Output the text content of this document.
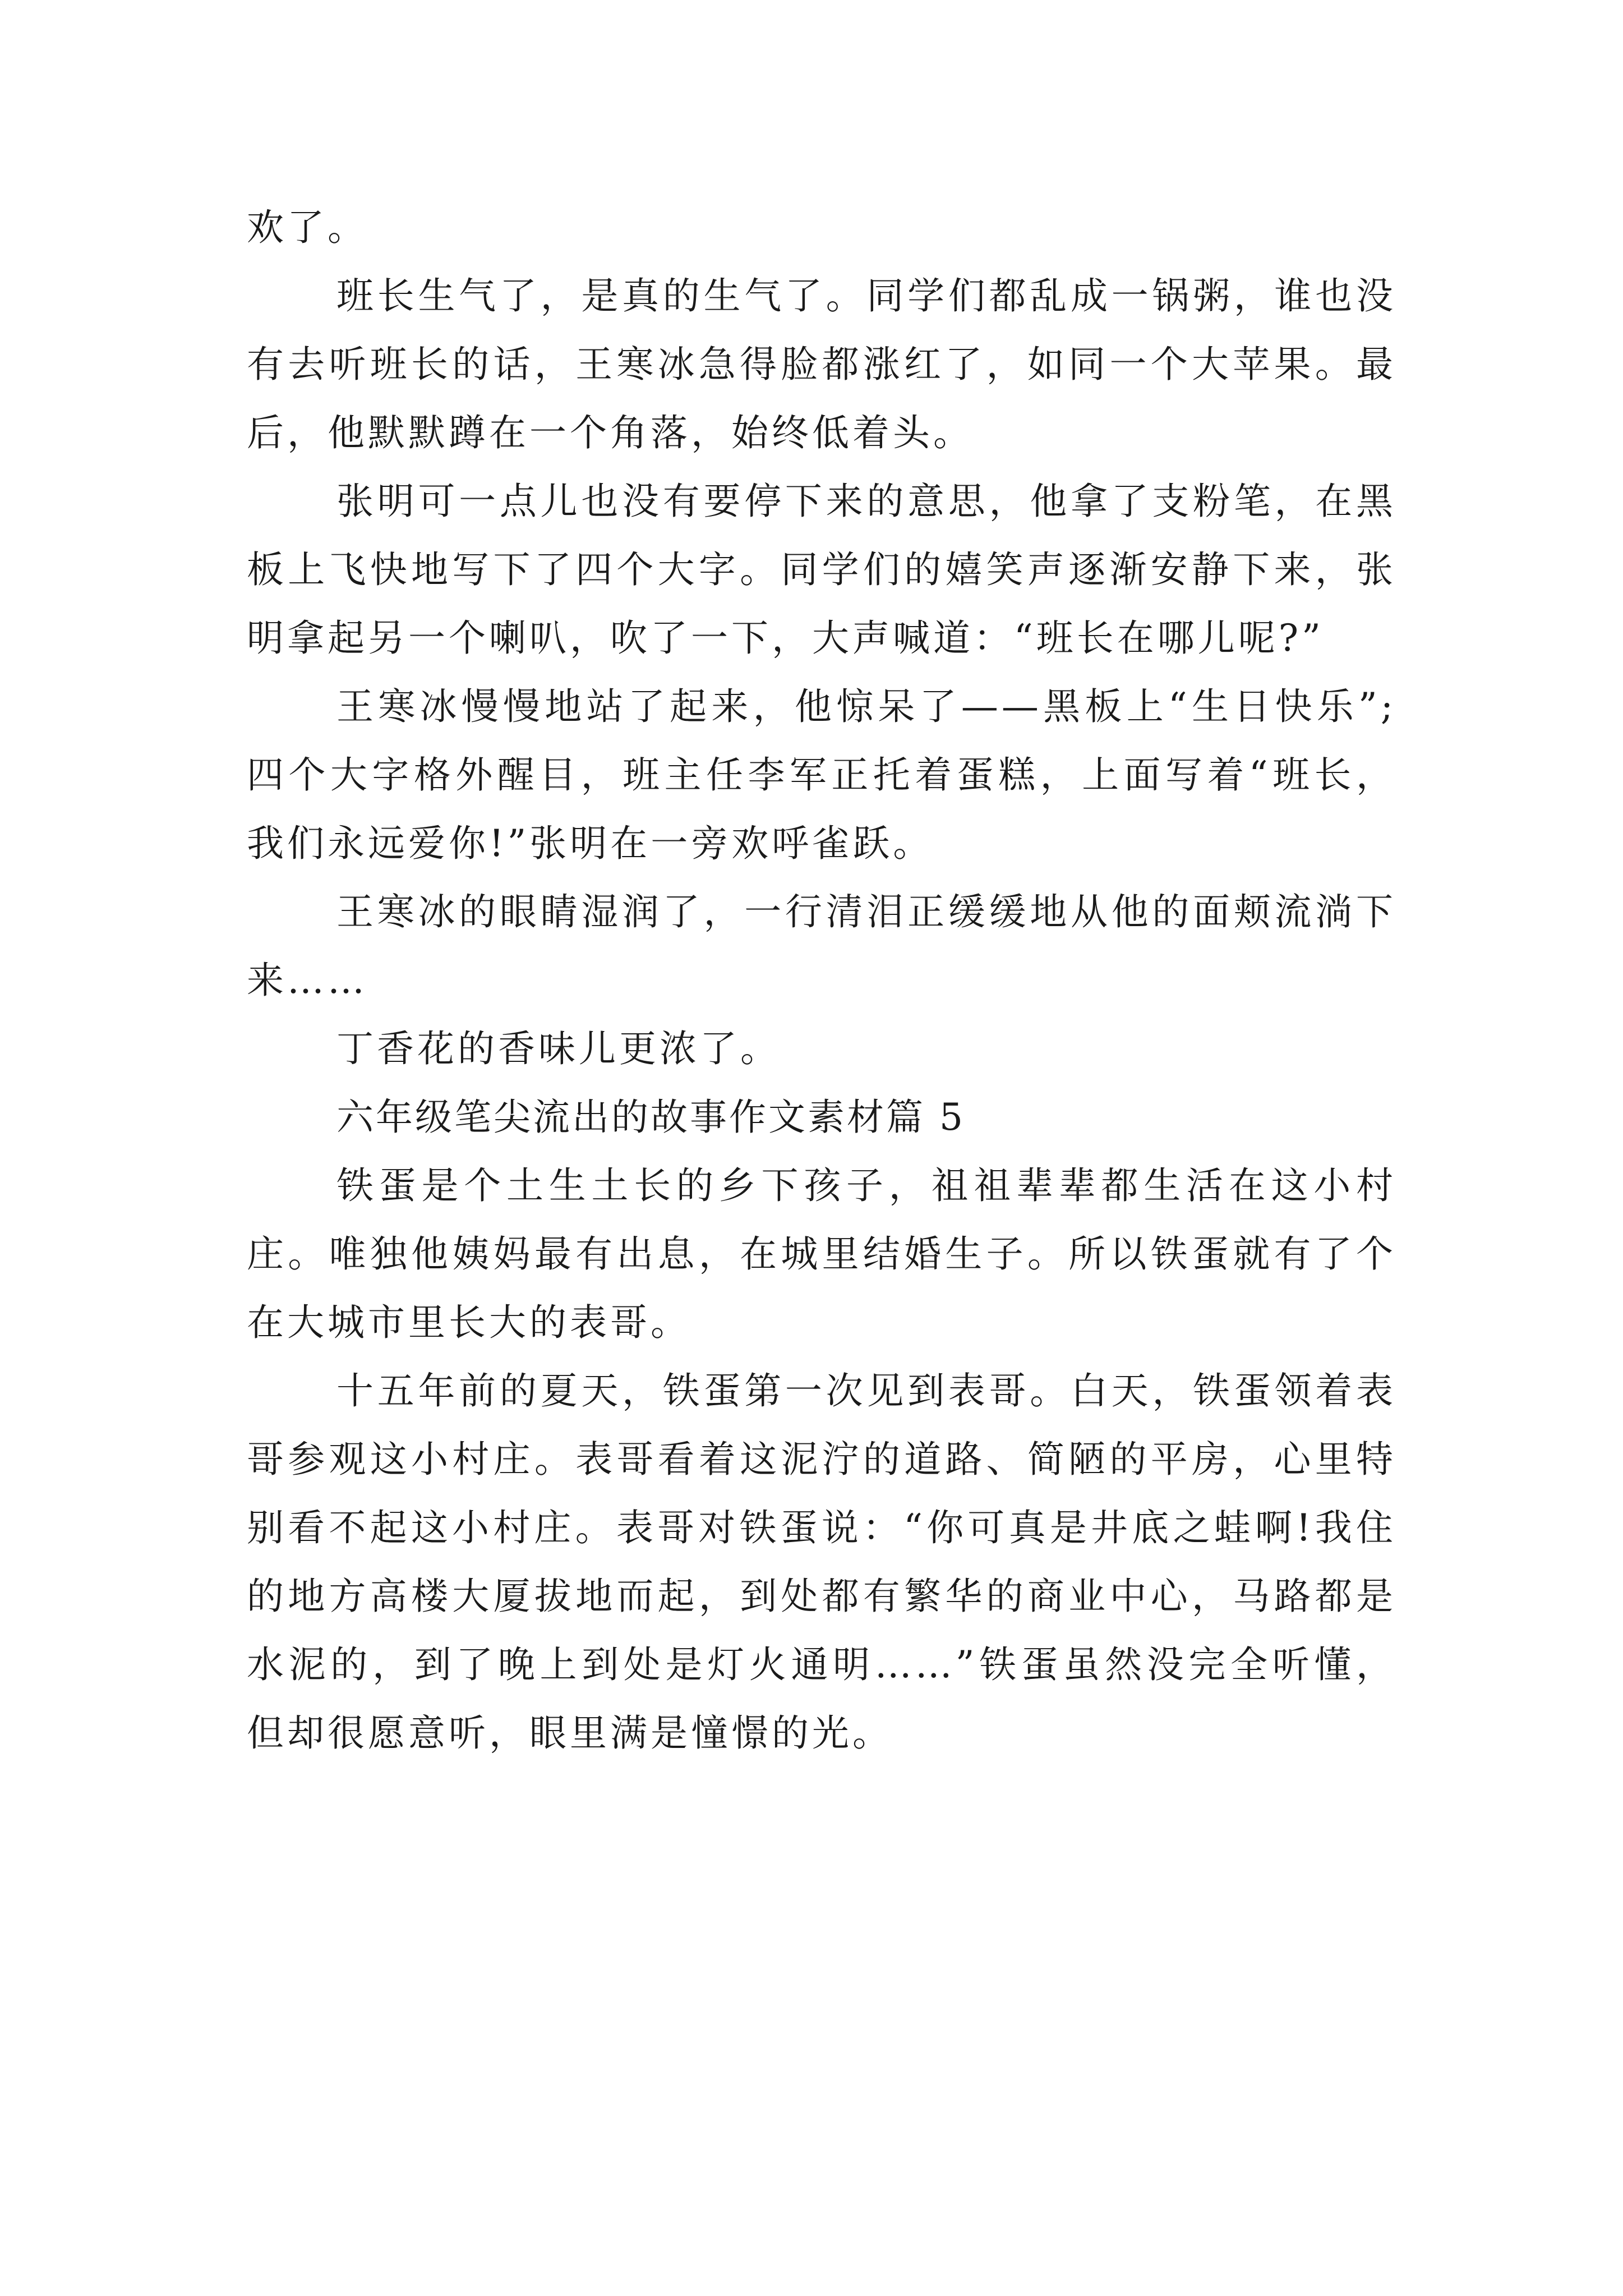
欢了。

班长生气了，是真的生气了。同学们都乱成一锅粥，谁也没有去听班长的话，王寒冰急得脸都涨红了，如同一个大苹果。最后，他默默蹲在一个角落，始终低着头。

张明可一点儿也没有要停下来的意思，他拿了支粉笔，在黑板上飞快地写下了四个大字。同学们的嬉笑声逐渐安静下来，张明拿起另一个喇叭，吹了一下，大声喊道：“班长在哪儿呢?”

王寒冰慢慢地站了起来，他惊呆了——黑板上“生日快乐”;四个大字格外醒目，班主任李军正托着蛋糕，上面写着“班长，我们永远爱你!”张明在一旁欢呼雀跃。

王寒冰的眼睛湿润了，一行清泪正缓缓地从他的面颊流淌下来……

丁香花的香味儿更浓了。

六年级笔尖流出的故事作文素材篇 5

铁蛋是个土生土长的乡下孩子，祖祖辈辈都生活在这小村庄。唯独他姨妈最有出息，在城里结婚生子。所以铁蛋就有了个在大城市里长大的表哥。

十五年前的夏天，铁蛋第一次见到表哥。白天，铁蛋领着表哥参观这小村庄。表哥看着这泥泞的道路、简陋的平房，心里特别看不起这小村庄。表哥对铁蛋说：“你可真是井底之蛙啊!我住的地方高楼大厦拔地而起，到处都有繁华的商业中心，马路都是水泥的，到了晚上到处是灯火通明……”铁蛋虽然没完全听懂，但却很愿意听，眼里满是憧憬的光。
